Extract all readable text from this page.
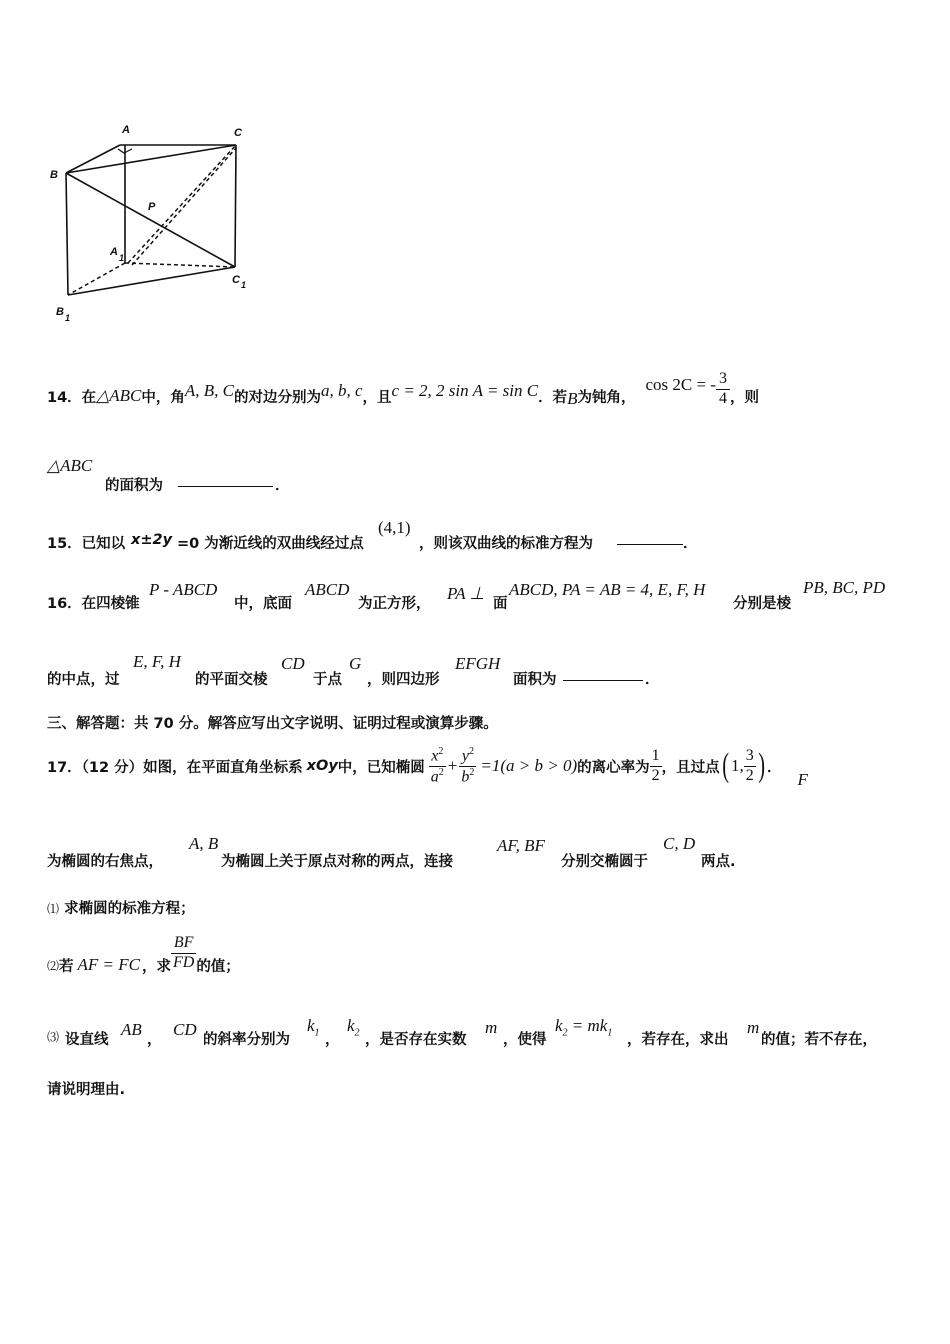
A	C
B
P
A 1
C 1
B 1
14．在 △ABC 中，角 A, B, C 的对边分别为 a, b, c ，且 c = 2, 2 sin A = sin C ．若 B 为钝角，
cos 2C = - $\frac{3}{4}$ ，则
△ABC
的面积为	．
15．已知以 x±2y =0 为渐近线的双曲线经过点
(4,1)
，则该双曲线的标准方程为	．
16．在四棱锥
P - ABCD
中，底面
ABCD
为正方形，
PA ⊥
面
ABCD, PA = AB = 4, E, F, H
分别是棱
PB, BC, PD
的中点，过
E, F, H
的平面交棱
CD
于点
G
，则四边形
EFGH
面积为	．
三、解答题：共 70 分。解答应写出文字说明、证明过程或演算步骤。
17．（12 分）如图，在平面直角坐标系 xOy 中，已知椭圆 $\frac{x^2}{a^2} + \frac{y^2}{b^2} =1(a > b > 0)$ 的离心率为 $\frac{1}{2}$ ，且过点 ( 1, $\frac{3}{2}$ ) ．
F
为椭圆的右焦点，
A, B
为椭圆上关于原点对称的两点，连接
AF, BF
分别交椭圆于
C, D
两点.
⑴ 求椭圆的标准方程；
⑵ 若 AF = FC ，求 $\frac{BF}{FD}$ 的值；
⑶ 设直线
AB
，
CD
的斜率分别为
$k_1$ ，
$k_2$ ，是否存在实数
m
，使得
$k_2 = mk_1$ ，若存在，求出
m
的值；若不存在，
请说明理由.
